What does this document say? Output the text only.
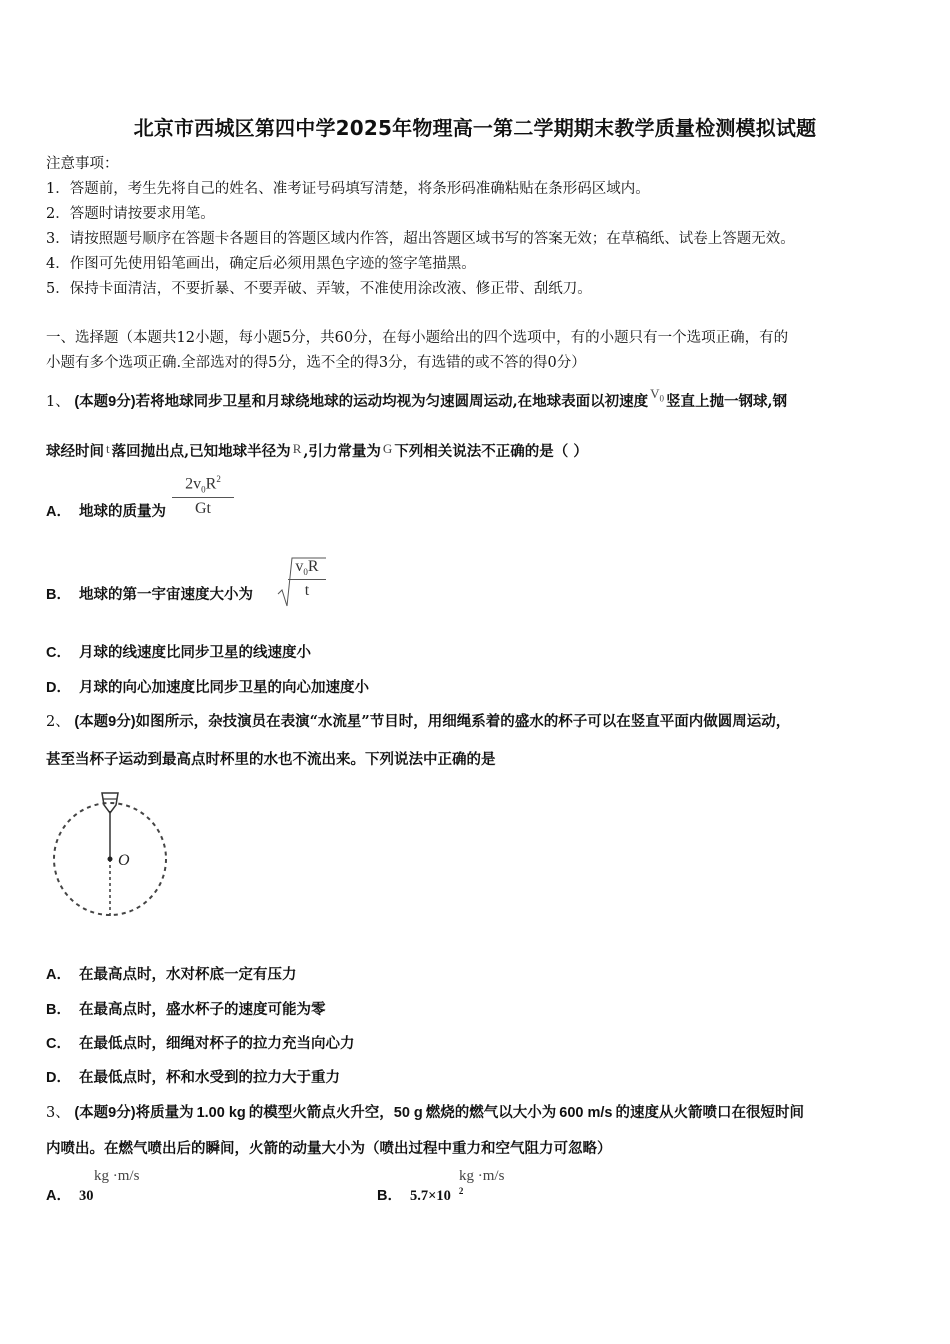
北京市西城区第四中学2025年物理高一第二学期期末教学质量检测模拟试题
注意事项：
1．答题前，考生先将自己的姓名、准考证号码填写清楚，将条形码准确粘贴在条形码区域内。
2．答题时请按要求用笔。
3．请按照题号顺序在答题卡各题目的答题区域内作答，超出答题区域书写的答案无效；在草稿纸、试卷上答题无效。
4．作图可先使用铅笔画出，确定后必须用黑色字迹的签字笔描黑。
5．保持卡面清洁，不要折暴、不要弄破、弄皱，不准使用涂改液、修正带、刮纸刀。
一、选择题（本题共12小题，每小题5分，共60分，在每小题给出的四个选项中，有的小题只有一个选项正确，有的
小题有多个选项正确.全部选对的得5分，选不全的得3分，有选错的或不答的得0分）
1、 (本题9分)若将地球同步卫星和月球绕地球的运动均视为匀速圆周运动,在地球表面以初速度 $V_0$ 竖直上抛一钢球,钢
球经时间 t 落回抛出点,已知地球半径为 R ,引力常量为 G 下列相关说法不正确的是（ ）
A． 地球的质量为
$2v_0R^2$
Gt
B． 地球的第一宇宙速度大小为
$v_0R$
t
C． 月球的线速度比同步卫星的线速度小
D． 月球的向心加速度比同步卫星的向心加速度小
2、 (本题9分)如图所示，杂技演员在表演“水流星”节目时，用细绳系着的盛水的杯子可以在竖直平面内做圆周运动，
甚至当杯子运动到最高点时杯里的水也不流出来。下列说法中正确的是
O
A． 在最高点时，水对杯底一定有压力
B． 在最高点时，盛水杯子的速度可能为零
C． 在最低点时，细绳对杯子的拉力充当向心力
D． 在最低点时，杯和水受到的拉力大于重力
3、 (本题9分)将质量为 1.00 kg 的模型火箭点火升空，50 g 燃烧的燃气以大小为 600 m/s 的速度从火箭喷口在很短时间
内喷出。在燃气喷出后的瞬间，火箭的动量大小为（喷出过程中重力和空气阻力可忽略）
A． 30
kg ·m/s
B． 5.7×10 $^2$
kg ·m/s
